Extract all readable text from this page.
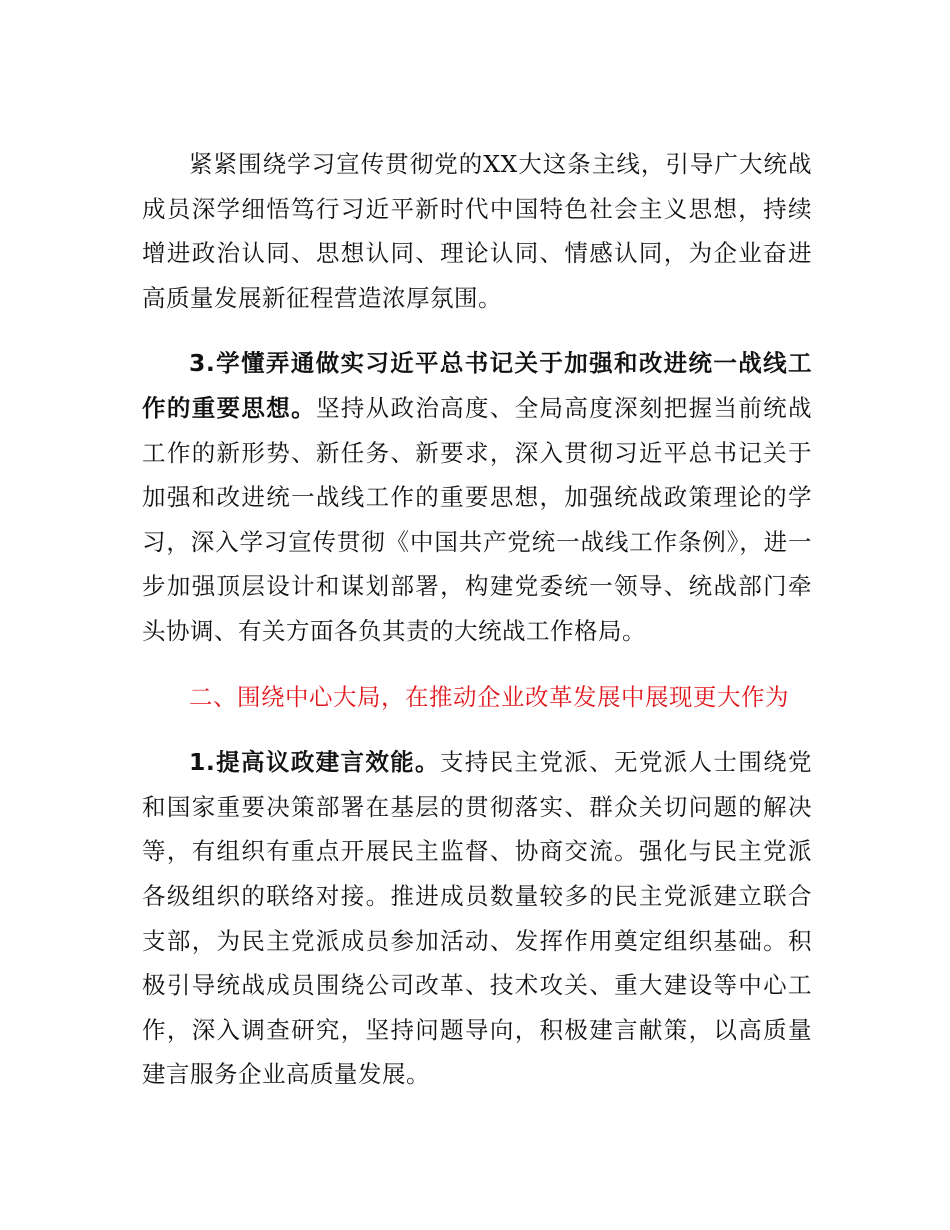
紧紧围绕学习宣传贯彻党的XX大这条主线，引导广大统战成员深学细悟笃行习近平新时代中国特色社会主义思想，持续增进政治认同、思想认同、理论认同、情感认同，为企业奋进高质量发展新征程营造浓厚氛围。

3.学懂弄通做实习近平总书记关于加强和改进统一战线工作的重要思想。坚持从政治高度、全局高度深刻把握当前统战工作的新形势、新任务、新要求，深入贯彻习近平总书记关于加强和改进统一战线工作的重要思想，加强统战政策理论的学习，深入学习宣传贯彻《中国共产党统一战线工作条例》，进一步加强顶层设计和谋划部署，构建党委统一领导、统战部门牵头协调、有关方面各负其责的大统战工作格局。

二、围绕中心大局，在推动企业改革发展中展现更大作为

1.提高议政建言效能。支持民主党派、无党派人士围绕党和国家重要决策部署在基层的贯彻落实、群众关切问题的解决等，有组织有重点开展民主监督、协商交流。强化与民主党派各级组织的联络对接。推进成员数量较多的民主党派建立联合支部，为民主党派成员参加活动、发挥作用奠定组织基础。积极引导统战成员围绕公司改革、技术攻关、重大建设等中心工作，深入调查研究，坚持问题导向，积极建言献策，以高质量建言服务企业高质量发展。
